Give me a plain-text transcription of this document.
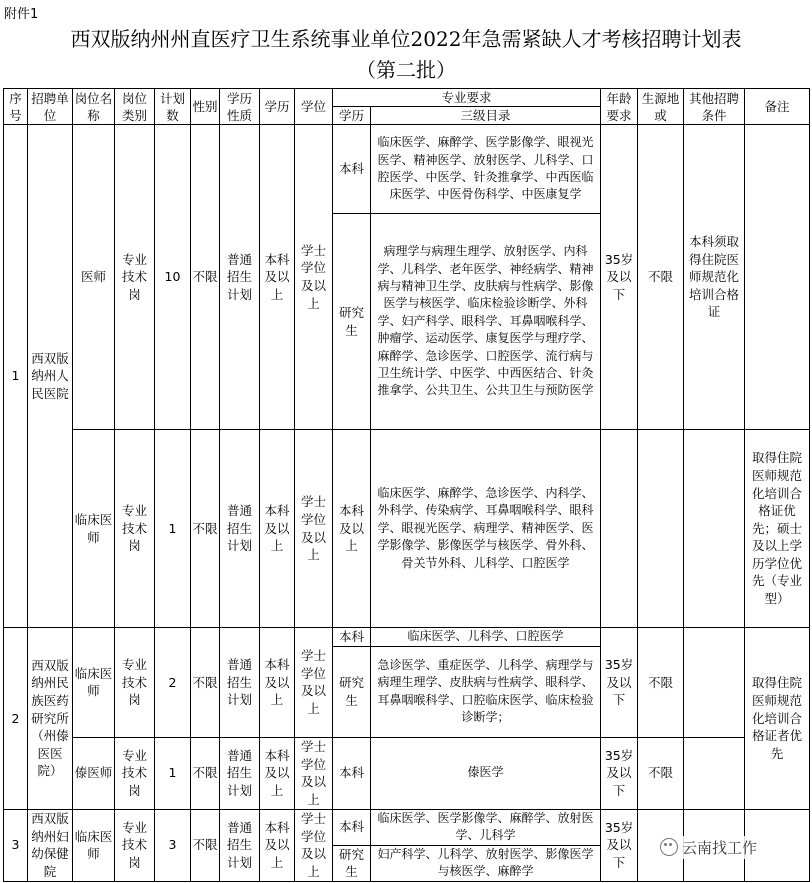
附件1
西双版纳州州直医疗卫生系统事业单位2022年急需紧缺人才考核招聘计划表
（第二批）
序号	招聘单位	岗位名称	岗位类别	计划数	性别	学历性质	学历	学位	专业要求		年龄要求	生源地或	其他招聘条件	备注
									学历	三级目录				
1	西双版纳州人民医院	医师	专业技术岗	10	不限	普通招生计划	本科及以上	学士学位及以上	本科	临床医学、麻醉学、医学影像学、眼视光医学、精神医学、放射医学、儿科学、口腔医学、中医学、针灸推拿学、中西医临床医学、中医骨伤科学、中医康复学	35岁及以下	不限	本科须取得住院医师规范化培训合格证	
									研究生	病理学与病理生理学、放射医学、内科学、儿科学、老年医学、神经病学、精神病与精神卫生学、皮肤病与性病学、影像医学与核医学、临床检验诊断学、外科学、妇产科学、眼科学、耳鼻咽喉科学、肿瘤学、运动医学、康复医学与理疗学、麻醉学、急诊医学、口腔医学、流行病与卫生统计学、中医学、中西医结合、针灸推拿学、公共卫生、公共卫生与预防医学				
		临床医师	专业技术岗	1	不限	普通招生计划	本科及以上	学士学位及以上	本科及以上	临床医学、麻醉学、急诊医学、内科学、外科学、传染病学、耳鼻咽喉科学、眼科学、眼视光医学、病理学、精神医学、医学影像学、影像医学与核医学、骨外科、骨关节外科、儿科学、口腔医学				取得住院医师规范化培训合格证优先；硕士及以上学历学位优先（专业型）
2	西双版纳州民族医药研究所（州傣医医院）	临床医师	专业技术岗	2	不限	普通招生计划	本科及以上	学士学位及以上	本科	临床医学、儿科学、口腔医学	35岁及以下	不限		取得住院医师规范化培训合格证者优先
									研究生	急诊医学、重症医学、儿科学、病理学与病理生理学、皮肤病与性病学、眼科学、耳鼻咽喉科学、口腔临床医学、临床检验诊断学；				
		傣医师	专业技术岗	1	不限	普通招生计划	本科及以上	学士学位及以上	本科	傣医学	35岁及以下	不限		
3	西双版纳州妇幼保健院	临床医师	专业技术岗	3	不限	普通招生计划	本科及以上	学士学位及以上	本科	临床医学、医学影像学、麻醉学、放射医学、儿科学	35岁及以下			
									研究生	妇产科学、儿科学、放射医学、影像医学与核医学、麻醉学				
云南找工作
